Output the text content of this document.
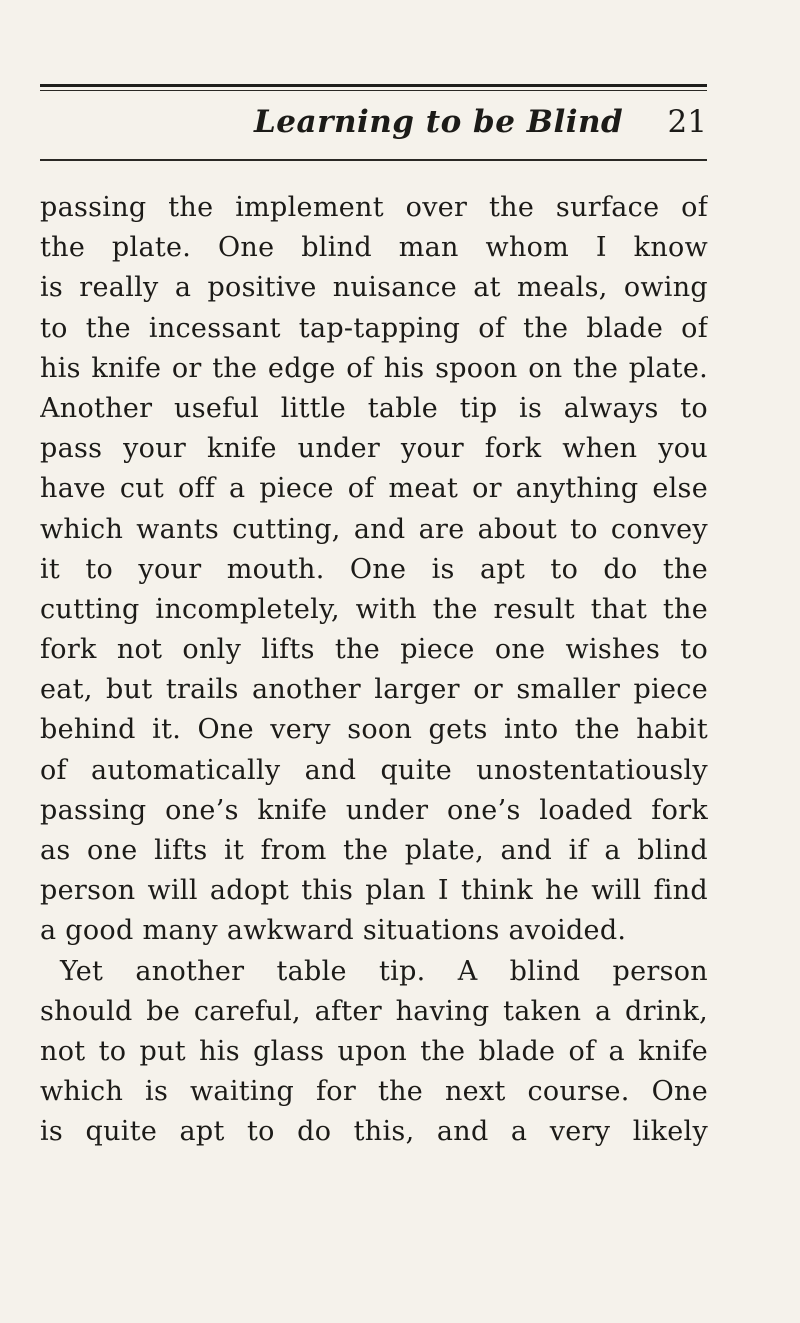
Learning to be Blind 21
passing the implement over the surface of
the plate. One blind man whom I know
is really a positive nuisance at meals, owing
to the incessant tap-tapping of the blade of
his knife or the edge of his spoon on the plate.
Another useful little table tip is always to
pass your knife under your fork when you
have cut off a piece of meat or anything else
which wants cutting, and are about to convey
it to your mouth. One is apt to do the
cutting incompletely, with the result that the
fork not only lifts the piece one wishes to
eat, but trails another larger or smaller piece
behind it. One very soon gets into the habit
of automatically and quite unostentatiously
passing one’s knife under one’s loaded fork
as one lifts it from the plate, and if a blind
person will adopt this plan I think he will find
a good many awkward situations avoided.
Yet another table tip. A blind person
should be careful, after having taken a drink,
not to put his glass upon the blade of a knife
which is waiting for the next course. One
is quite apt to do this, and a very likely
